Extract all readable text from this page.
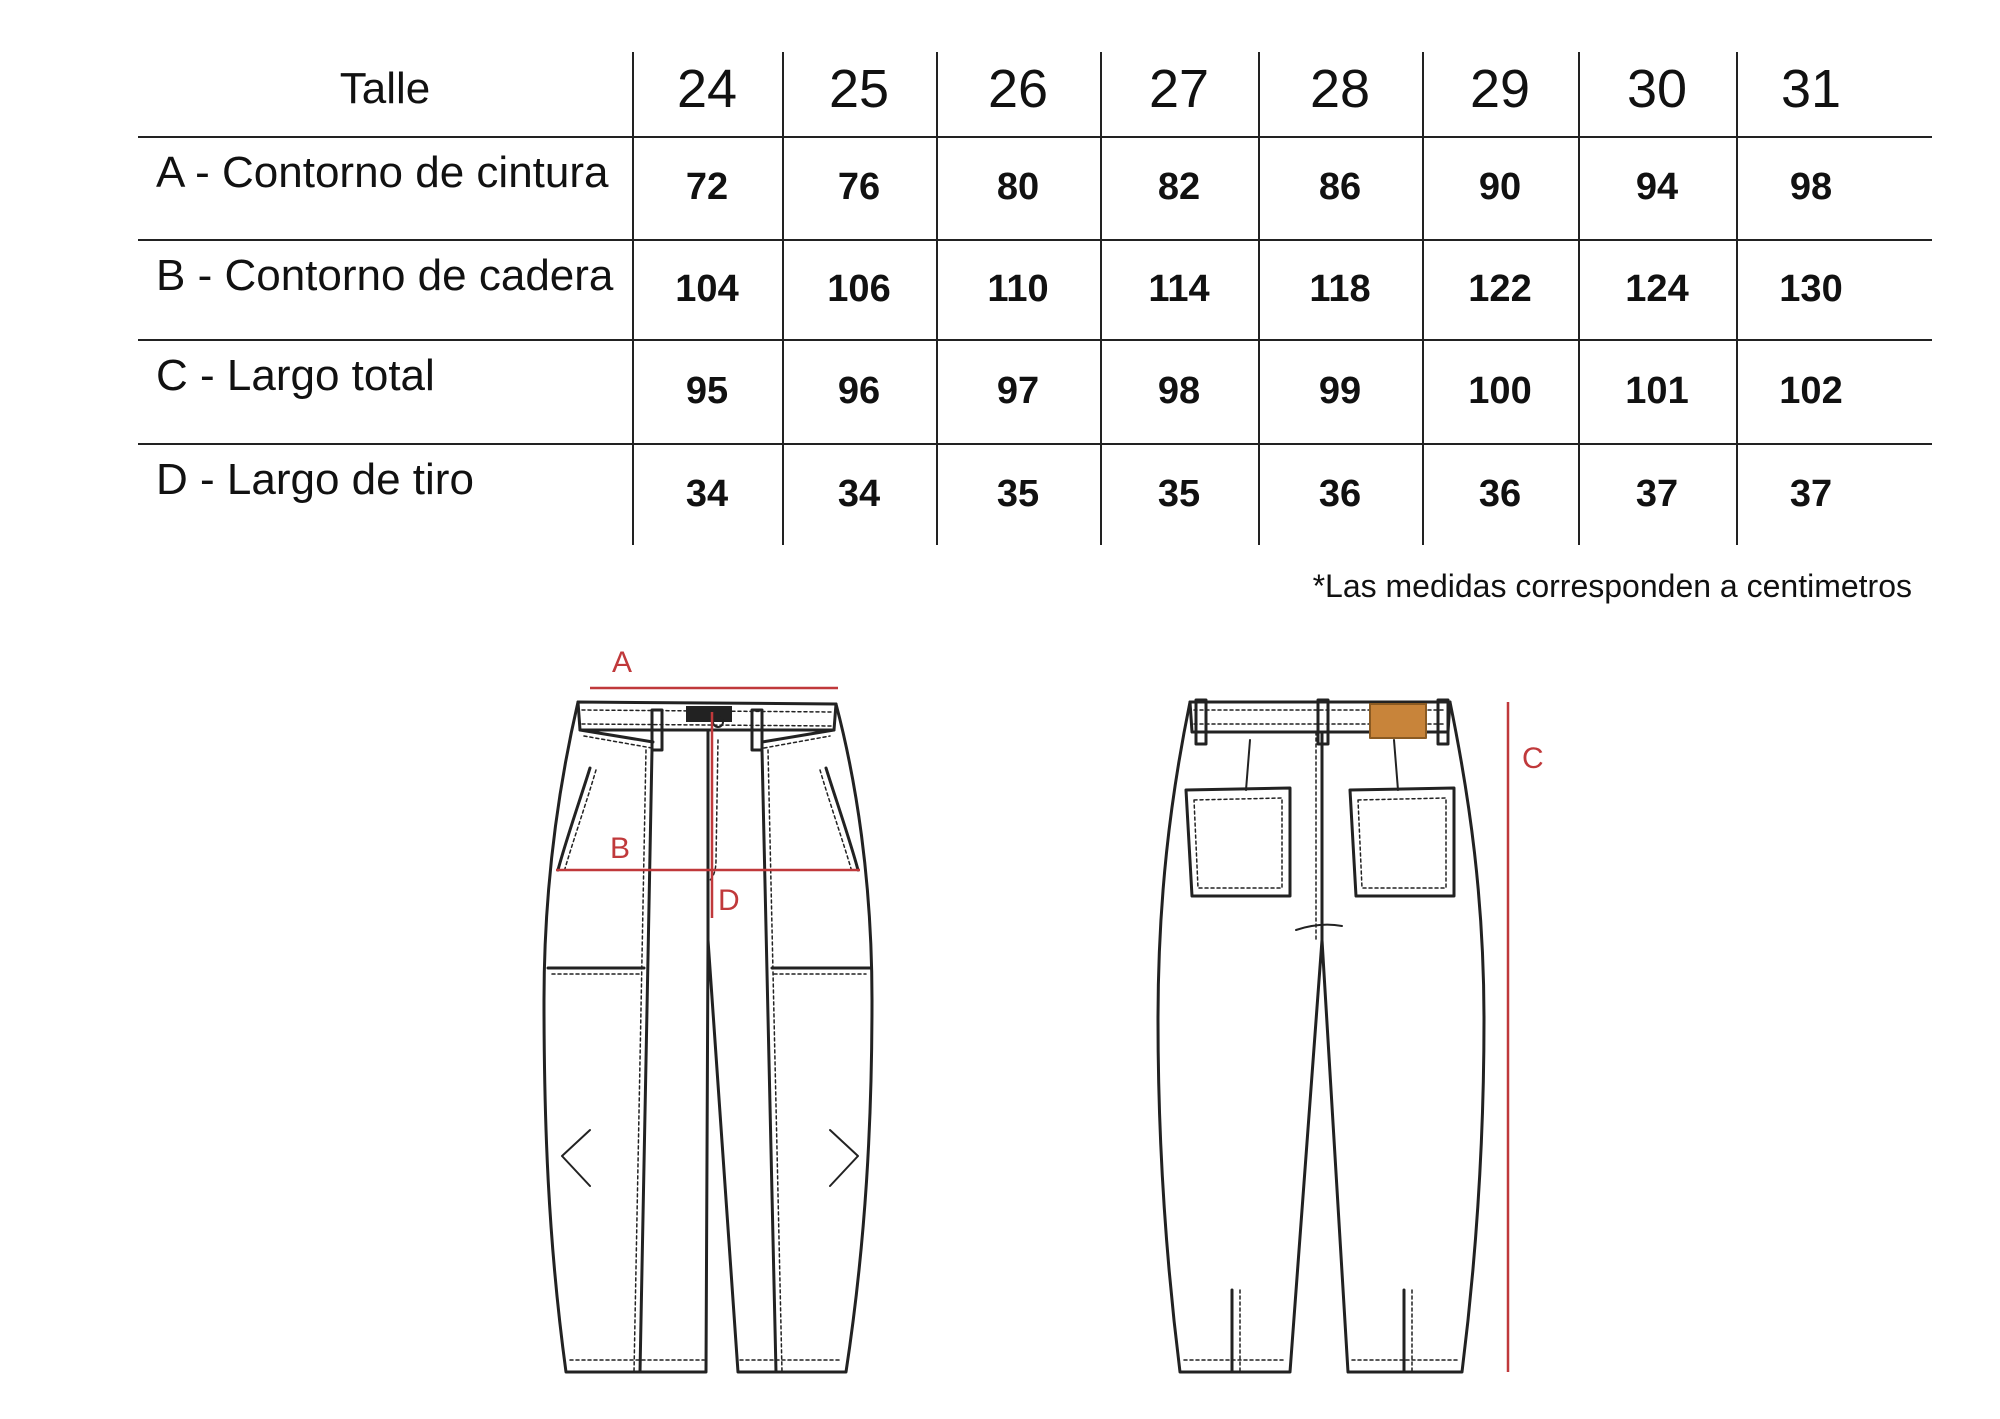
Talle	24	25	26	27	28	29	30	31
A - Contorno de cintura	72	76	80	82	86	90	94	98
B - Contorno de cadera	104	106	110	114	118	122	124	130
C - Largo total	95	96	97	98	99	100	101	102
D - Largo de tiro	34	34	35	35	36	36	37	37
*Las medidas corresponden a centimetros
A
B
D
C
